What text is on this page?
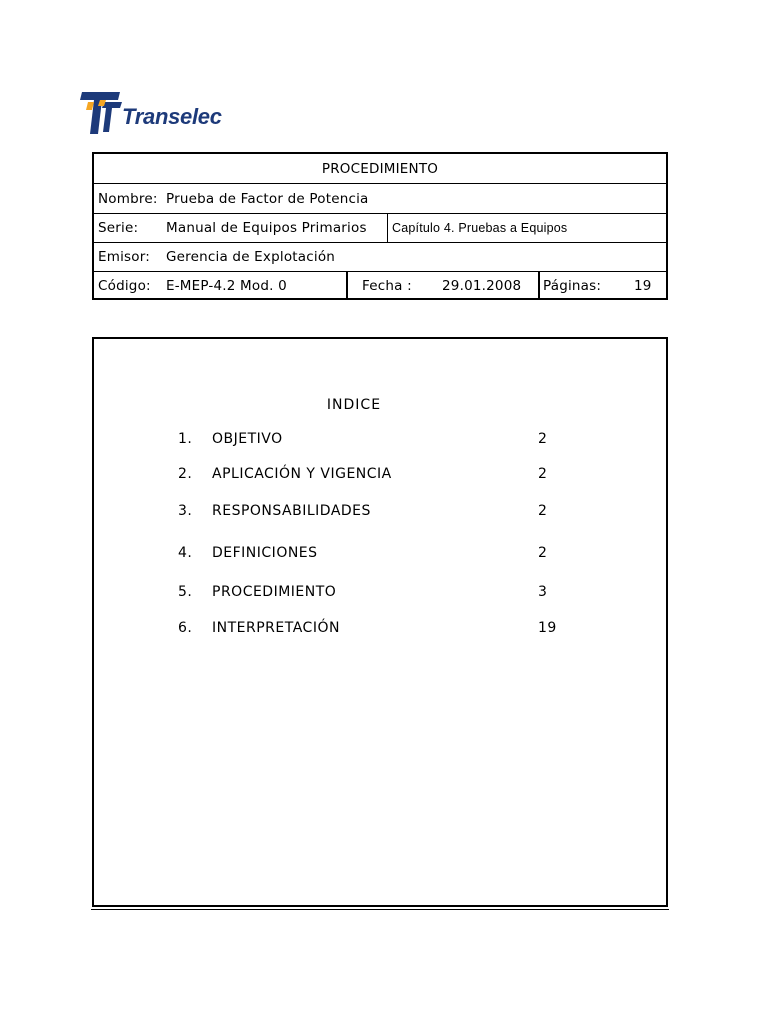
Transelec
PROCEDIMIENTO
Nombre: Prueba de Factor de Potencia
Serie: Manual de Equipos Primarios Capítulo 4. Pruebas a Equipos
Emisor: Gerencia de Explotación
Código: E-MEP-4.2 Mod. 0	Fecha : 29.01.2008 Páginas: 19
INDICE
1. OBJETIVO	2
2. APLICACIÓN Y VIGENCIA	2
3. RESPONSABILIDADES	2
4. DEFINICIONES	2
5. PROCEDIMIENTO	3
6. INTERPRETACIÓN	19
